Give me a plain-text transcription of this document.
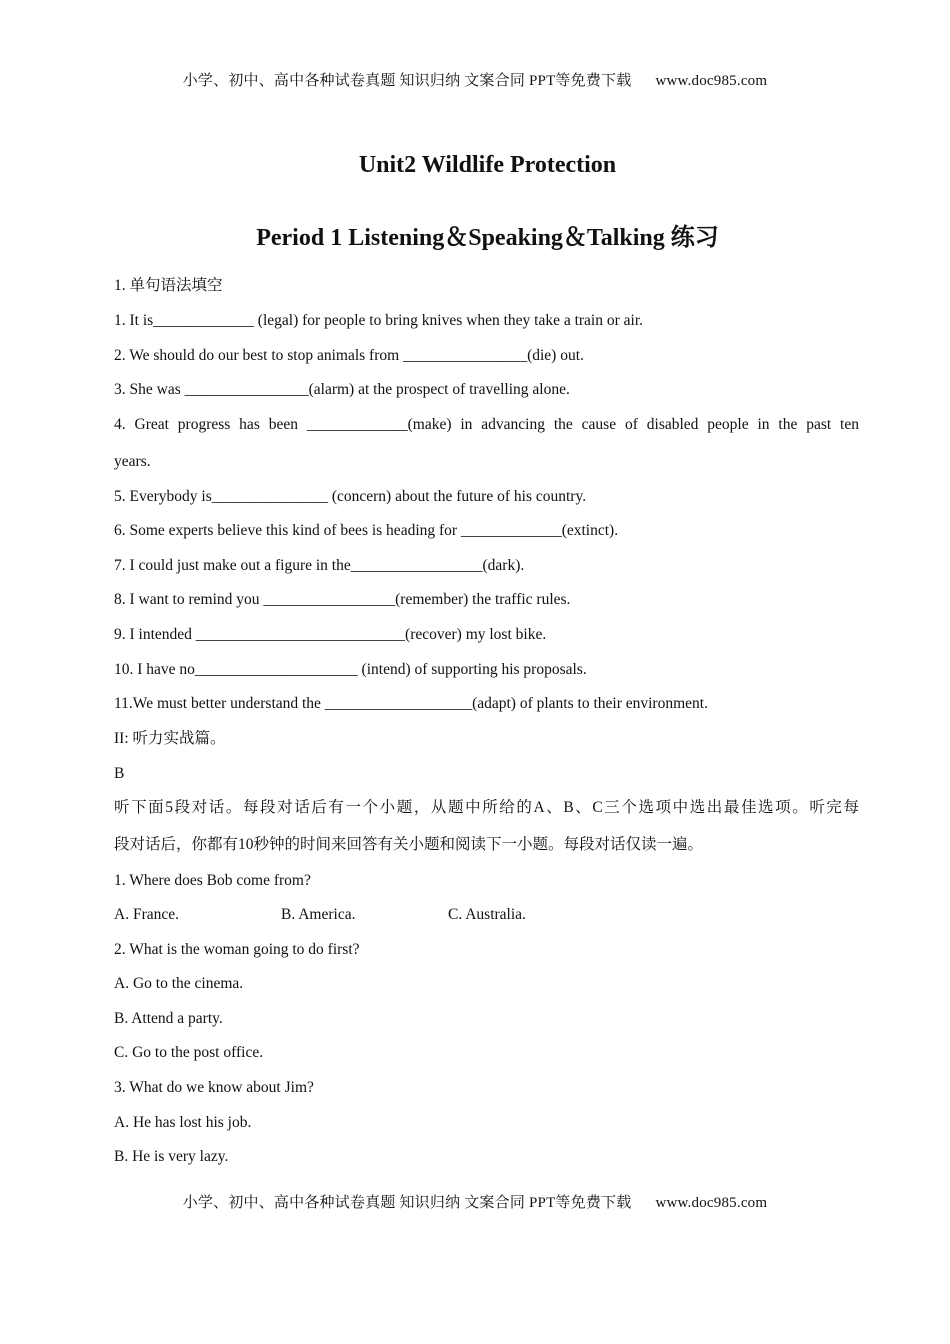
小学、初中、高中各种试卷真题 知识归纳 文案合同 PPT等免费下载 www.doc985.com
Unit2 Wildlife Protection
Period 1 Listening＆Speaking＆Talking 练习
1. 单句语法填空
1. It is_____________ (legal) for people to bring knives when they take a train or air.
2. We should do our best to stop animals from ________________(die) out.
3. She was ________________(alarm) at the prospect of travelling alone.
4. Great progress has been _____________(make) in advancing the cause of disabled people in the past ten
years.
5. Everybody is_______________ (concern) about the future of his country.
6. Some experts believe this kind of bees is heading for _____________(extinct).
7. I could just make out a figure in the_________________(dark).
8. I want to remind you _________________(remember) the traffic rules.
9. I intended ___________________________(recover) my lost bike.
10. I have no_____________________ (intend) of supporting his proposals.
11.We must better understand the ___________________(adapt) of plants to their environment.
II: 听力实战篇。
B
听下面5段对话。每段对话后有一个小题，从题中所给的A、B、C三个选项中选出最佳选项。听完每
段对话后，你都有10秒钟的时间来回答有关小题和阅读下一小题。每段对话仅读一遍。
1. Where does Bob come from?
A. France.	B. America.	C. Australia.
2. What is the woman going to do first?
A. Go to the cinema.
B. Attend a party.
C. Go to the post office.
3. What do we know about Jim?
A. He has lost his job.
B. He is very lazy.
小学、初中、高中各种试卷真题 知识归纳 文案合同 PPT等免费下载 www.doc985.com
